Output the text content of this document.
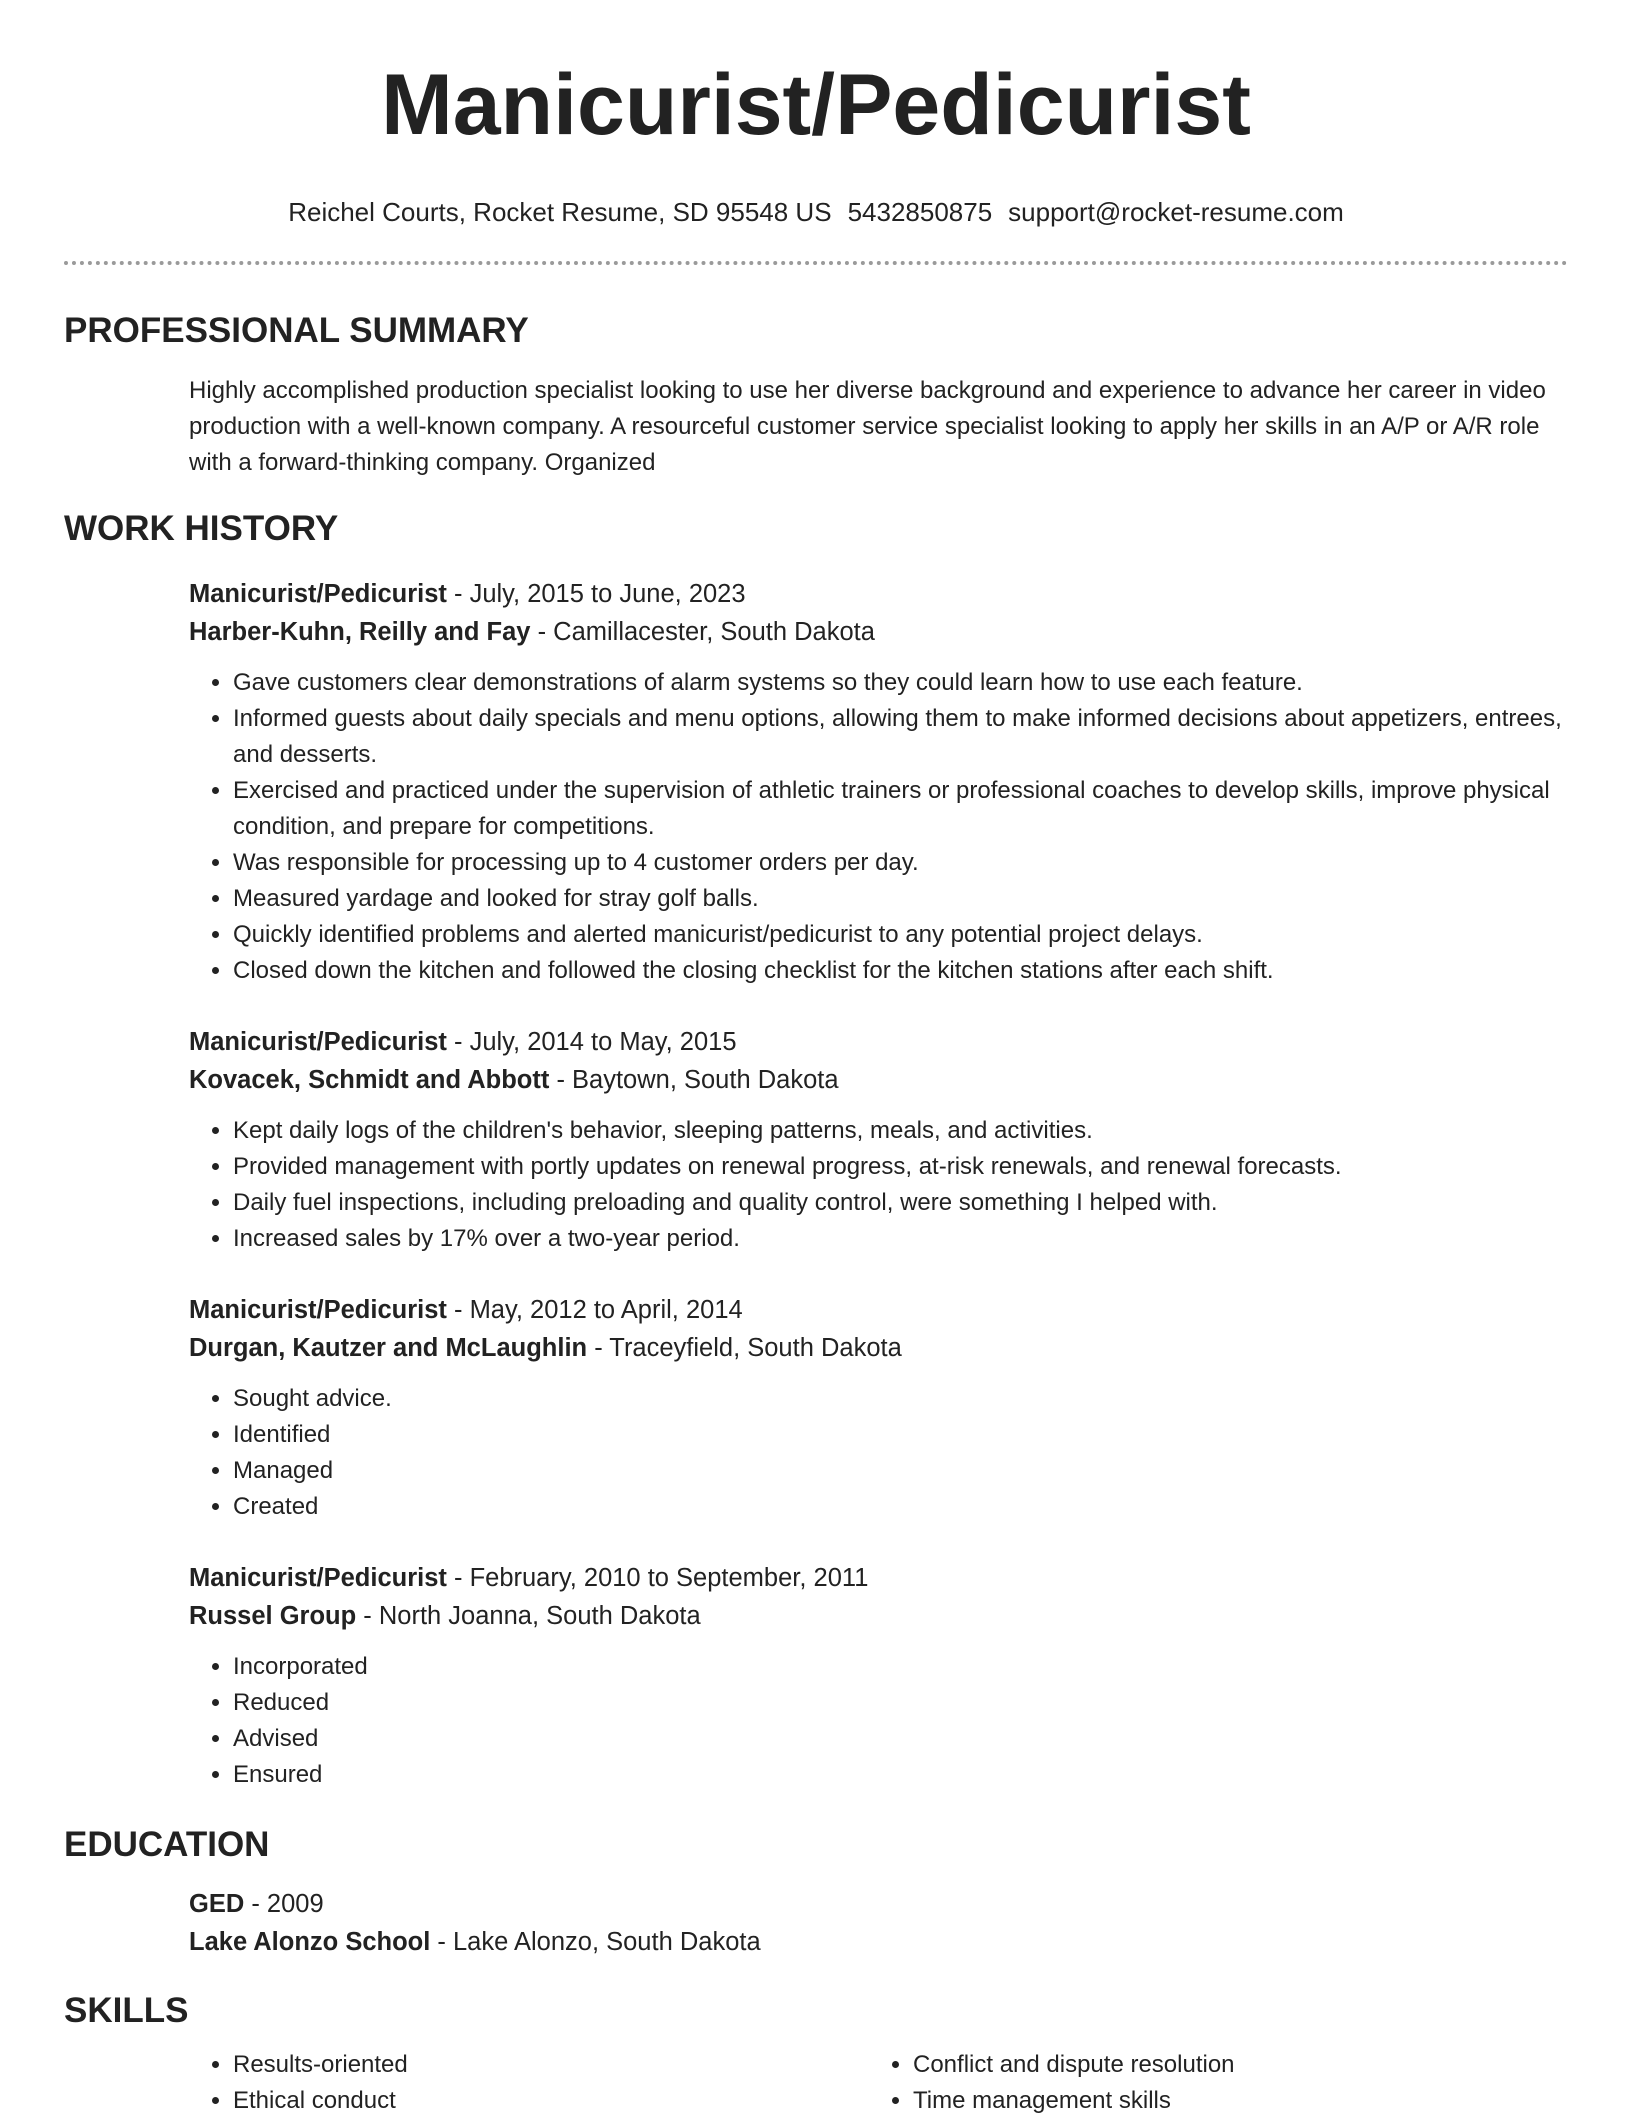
Manicurist/Pedicurist
Reichel Courts, Rocket Resume, SD 95548 US 5432850875 support@rocket-resume.com
PROFESSIONAL SUMMARY
Highly accomplished production specialist looking to use her diverse background and experience to advance her career in video production with a well-known company. A resourceful customer service specialist looking to apply her skills in an A/P or A/R role with a forward-thinking company. Organized
WORK HISTORY
Manicurist/Pedicurist - July, 2015 to June, 2023
Harber-Kuhn, Reilly and Fay - Camillacester, South Dakota
• Gave customers clear demonstrations of alarm systems so they could learn how to use each feature.
• Informed guests about daily specials and menu options, allowing them to make informed decisions about appetizers, entrees, and desserts.
• Exercised and practiced under the supervision of athletic trainers or professional coaches to develop skills, improve physical condition, and prepare for competitions.
• Was responsible for processing up to 4 customer orders per day.
• Measured yardage and looked for stray golf balls.
• Quickly identified problems and alerted manicurist/pedicurist to any potential project delays.
• Closed down the kitchen and followed the closing checklist for the kitchen stations after each shift.
Manicurist/Pedicurist - July, 2014 to May, 2015
Kovacek, Schmidt and Abbott - Baytown, South Dakota
• Kept daily logs of the children's behavior, sleeping patterns, meals, and activities.
• Provided management with portly updates on renewal progress, at-risk renewals, and renewal forecasts.
• Daily fuel inspections, including preloading and quality control, were something I helped with.
• Increased sales by 17% over a two-year period.
Manicurist/Pedicurist - May, 2012 to April, 2014
Durgan, Kautzer and McLaughlin - Traceyfield, South Dakota
• Sought advice.
• Identified
• Managed
• Created
Manicurist/Pedicurist - February, 2010 to September, 2011
Russel Group - North Joanna, South Dakota
• Incorporated
• Reduced
• Advised
• Ensured
EDUCATION
GED - 2009
Lake Alonzo School - Lake Alonzo, South Dakota
SKILLS
• Results-oriented
• Ethical conduct
• Conflict and dispute resolution
• Time management skills
